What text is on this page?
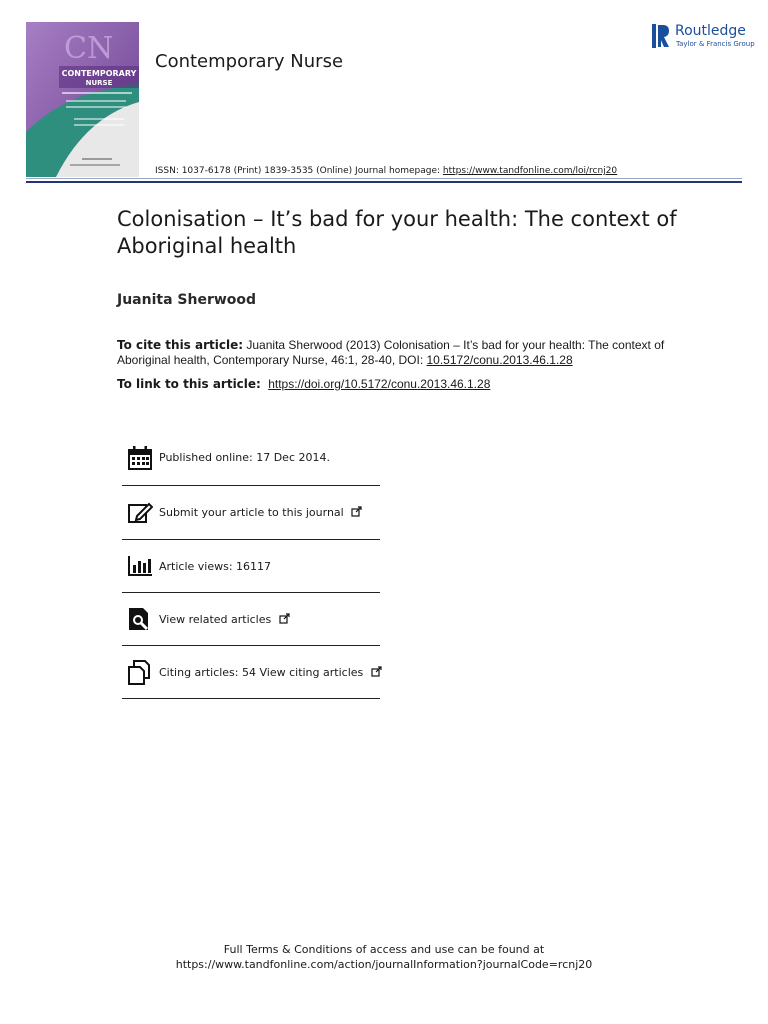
CN
CONTEMPORARY
NURSE
Contemporary Nurse
Routledge
Taylor & Francis Group
ISSN: 1037-6178 (Print) 1839-3535 (Online) Journal homepage: https://www.tandfonline.com/loi/rcnj20
Colonisation – It’s bad for your health: The context of Aboriginal health
Juanita Sherwood
To cite this article: Juanita Sherwood (2013) Colonisation – It’s bad for your health: The context of Aboriginal health, Contemporary Nurse, 46:1, 28-40, DOI: 10.5172/conu.2013.46.1.28
To link to this article: https://doi.org/10.5172/conu.2013.46.1.28
Published online: 17 Dec 2014.
Submit your article to this journal
Article views: 16117
View related articles
Citing articles: 54 View citing articles
Full Terms & Conditions of access and use can be found at
https://www.tandfonline.com/action/journalInformation?journalCode=rcnj20
